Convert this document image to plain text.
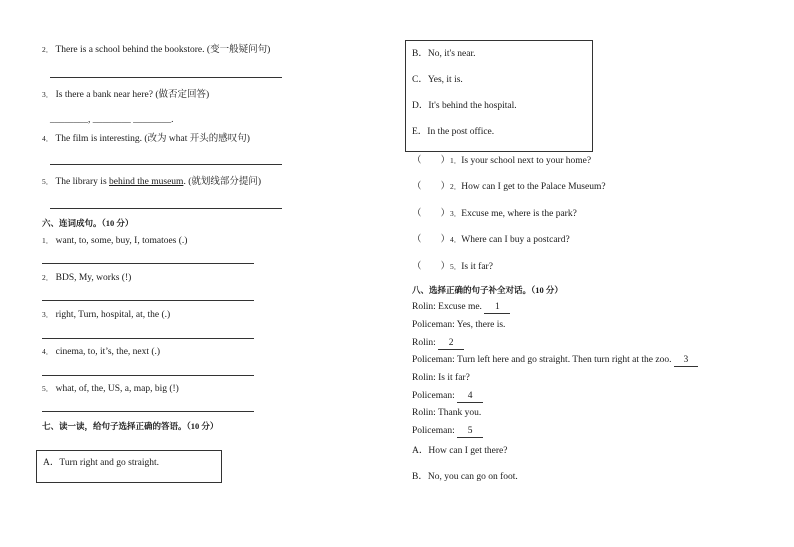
2． There is a school behind the bookstore. (变一般疑问句)
3． Is there a bank near here? (做否定回答)
________, ________ ________.
4． The film is interesting. (改为 what 开头的感叹句)
5． The library is behind the museum. (就划线部分提问)
六、连词成句。（10 分）
1． want, to, some, buy, I, tomatoes (.)
2． BDS, My, works (!)
3． right, Turn, hospital, at, the (.)
4． cinema, to, it’s, the, next (.)
5． what, of, the, US, a, map, big (!)
七、读一读，给句子选择正确的答语。（10 分）
A．Turn right and go straight.
B．No, it's near.
C．Yes, it is.
D．It's behind the hospital.
E．In the post office.
（　　）1．Is your school next to your home?
（　　）2．How can I get to the Palace Museum?
（　　）3．Excuse me, where is the park?
（　　）4．Where can I buy a postcard?
（　　）5．Is it far?
八、选择正确的句子补全对话。（10 分）
Rolin: Excuse me. 1
Policeman: Yes, there is.
Rolin: 2
Policeman: Turn left here and go straight. Then turn right at the zoo. 3
Rolin: Is it far?
Policeman: 4
Rolin: Thank you.
Policeman: 5
A．How can I get there?
B．No, you can go on foot.
